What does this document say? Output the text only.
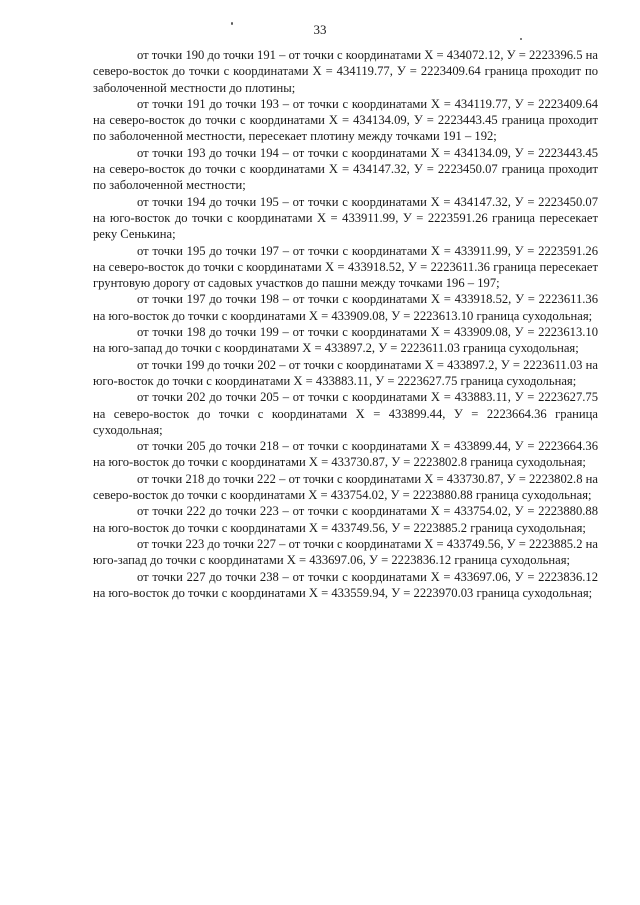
33

от точки 190 до точки 191 – от точки с координатами Х = 434072.12, У = 2223396.5 на северо-восток до точки с координатами Х = 434119.77, У = 2223409.64 граница проходит по заболоченной местности до плотины;

от точки 191 до точки 193 – от точки с координатами Х = 434119.77, У = 2223409.64 на северо-восток до точки с координатами Х = 434134.09, У = 2223443.45 граница проходит по заболоченной местности, пересекает плотину между точками 191 – 192;

от точки 193 до точки 194 – от точки с координатами Х = 434134.09, У = 2223443.45 на северо-восток до точки с координатами Х = 434147.32, У = 2223450.07 граница проходит по заболоченной местности;

от точки 194 до точки 195 – от точки с координатами Х = 434147.32, У = 2223450.07 на юго-восток до точки с координатами Х = 433911.99, У = 2223591.26 граница пересекает реку Сенькина;

от точки 195 до точки 197 – от точки с координатами Х = 433911.99, У = 2223591.26 на северо-восток до точки с координатами Х = 433918.52, У = 2223611.36 граница пересекает грунтовую дорогу от садовых участков до пашни между точками 196 – 197;

от точки 197 до точки 198 – от точки с координатами Х = 433918.52, У = 2223611.36 на юго-восток до точки с координатами Х = 433909.08, У = 2223613.10 граница суходольная;

от точки 198 до точки 199 – от точки с координатами Х = 433909.08, У = 2223613.10 на юго-запад до точки с координатами Х = 433897.2, У = 2223611.03 граница суходольная;

от точки 199 до точки 202 – от точки с координатами Х = 433897.2, У = 2223611.03 на юго-восток до точки с координатами Х = 433883.11, У = 2223627.75 граница суходольная;

от точки 202 до точки 205 – от точки с координатами Х = 433883.11, У = 2223627.75 на северо-восток до точки с координатами Х = 433899.44, У = 2223664.36 граница суходольная;

от точки 205 до точки 218 – от точки с координатами Х = 433899.44, У = 2223664.36 на юго-восток до точки с координатами Х = 433730.87, У = 2223802.8 граница суходольная;

от точки 218 до точки 222 – от точки с координатами Х = 433730.87, У = 2223802.8 на северо-восток до точки с координатами Х = 433754.02, У = 2223880.88 граница суходольная;

от точки 222 до точки 223 – от точки с координатами Х = 433754.02, У = 2223880.88 на юго-восток до точки с координатами Х = 433749.56, У = 2223885.2 граница суходольная;

от точки 223 до точки 227 – от точки с координатами Х = 433749.56, У = 2223885.2 на юго-запад до точки с координатами Х = 433697.06, У = 2223836.12 граница суходольная;

от точки 227 до точки 238 – от точки с координатами Х = 433697.06, У = 2223836.12 на юго-восток до точки с координатами Х = 433559.94, У = 2223970.03 граница суходольная;
